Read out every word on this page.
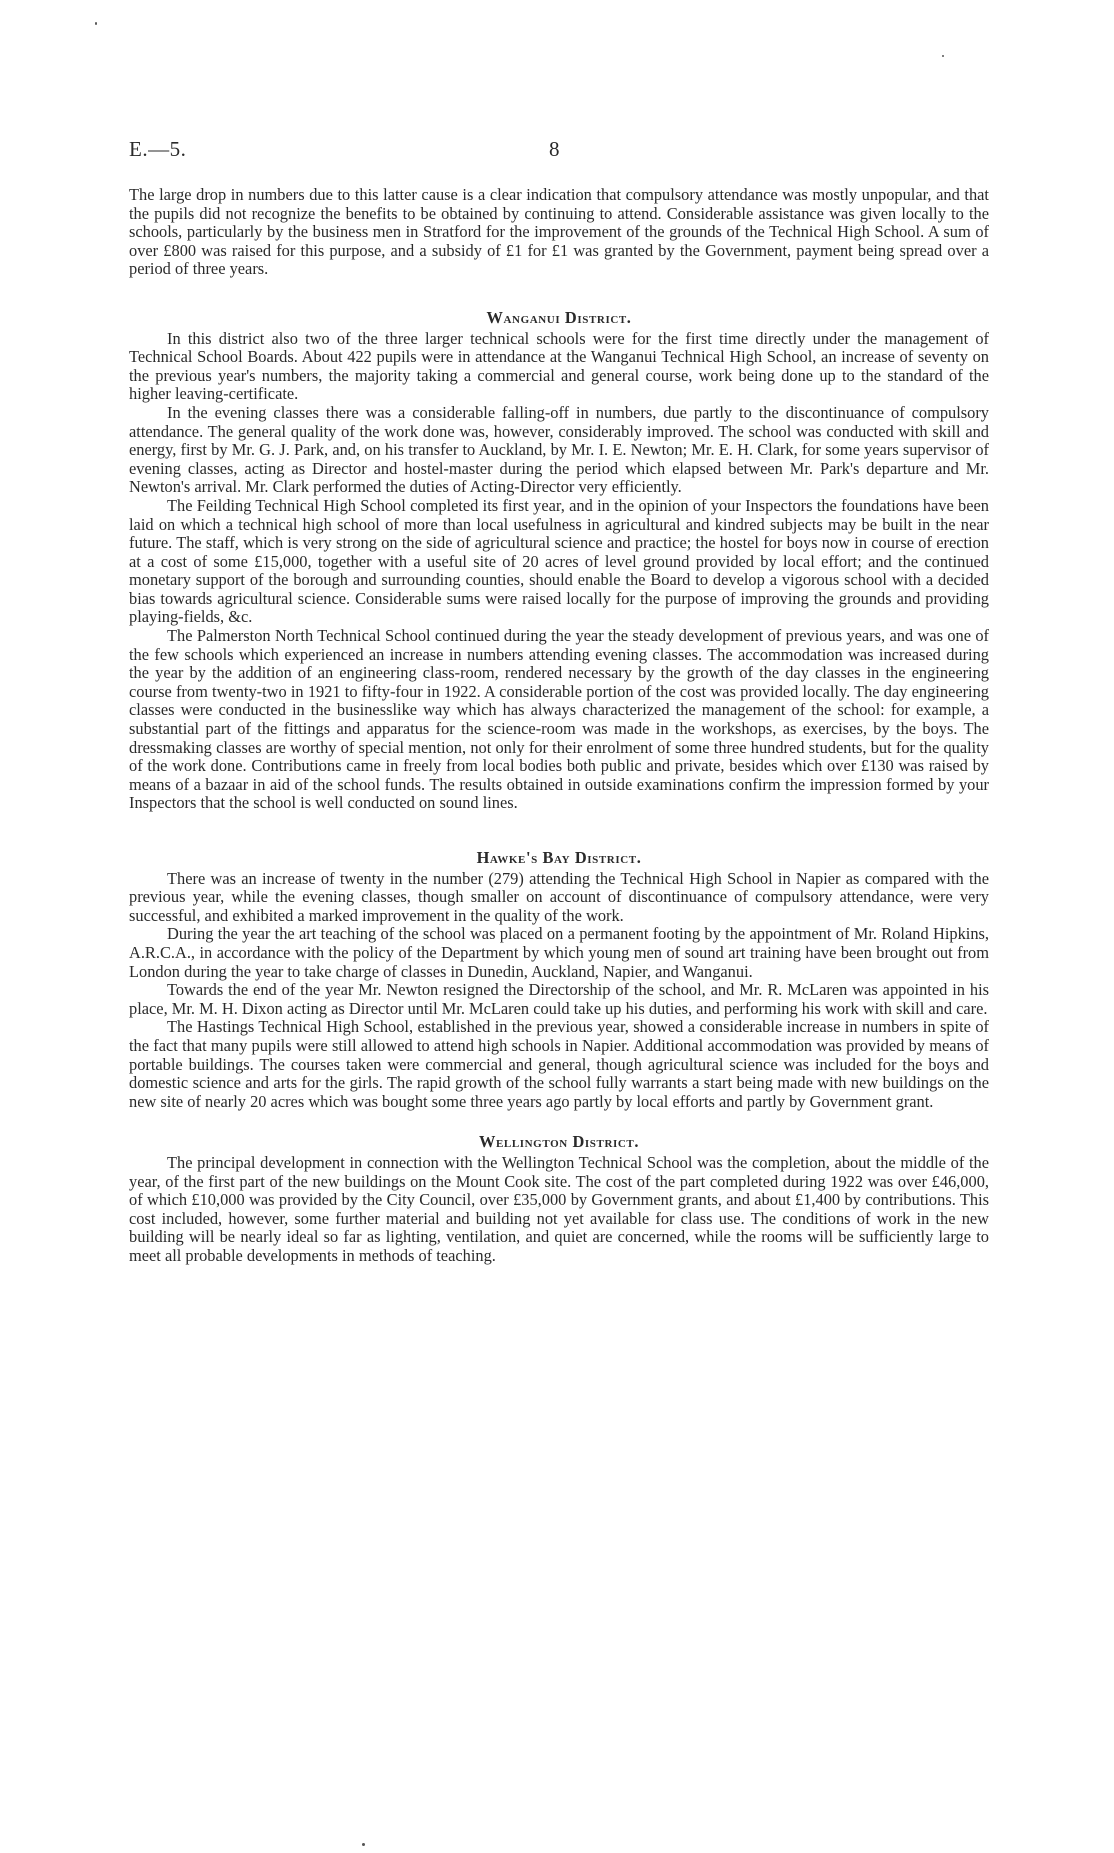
E.—5.	8

The large drop in numbers due to this latter cause is a clear indication that compulsory attendance was mostly unpopular, and that the pupils did not recognize the benefits to be obtained by continuing to attend. Considerable assistance was given locally to the schools, particularly by the business men in Stratford for the improvement of the grounds of the Technical High School. A sum of over £800 was raised for this purpose, and a subsidy of £1 for £1 was granted by the Government, payment being spread over a period of three years.

Wanganui District.

In this district also two of the three larger technical schools were for the first time directly under the management of Technical School Boards. About 422 pupils were in attendance at the Wanganui Technical High School, an increase of seventy on the previous year's numbers, the majority taking a commercial and general course, work being done up to the standard of the higher leaving-certificate.

In the evening classes there was a considerable falling-off in numbers, due partly to the discontinuance of compulsory attendance. The general quality of the work done was, however, considerably improved. The school was conducted with skill and energy, first by Mr. G. J. Park, and, on his transfer to Auckland, by Mr. I. E. Newton; Mr. E. H. Clark, for some years supervisor of evening classes, acting as Director and hostel-master during the period which elapsed between Mr. Park's departure and Mr. Newton's arrival. Mr. Clark performed the duties of Acting-Director very efficiently.

The Feilding Technical High School completed its first year, and in the opinion of your Inspectors the foundations have been laid on which a technical high school of more than local usefulness in agricultural and kindred subjects may be built in the near future. The staff, which is very strong on the side of agricultural science and practice; the hostel for boys now in course of erection at a cost of some £15,000, together with a useful site of 20 acres of level ground provided by local effort; and the continued monetary support of the borough and surrounding counties, should enable the Board to develop a vigorous school with a decided bias towards agricultural science. Considerable sums were raised locally for the purpose of improving the grounds and providing playing-fields, &c.

The Palmerston North Technical School continued during the year the steady development of previous years, and was one of the few schools which experienced an increase in numbers attending evening classes. The accommodation was increased during the year by the addition of an engineering class-room, rendered necessary by the growth of the day classes in the engineering course from twenty-two in 1921 to fifty-four in 1922. A considerable portion of the cost was provided locally. The day engineering classes were conducted in the businesslike way which has always characterized the management of the school: for example, a substantial part of the fittings and apparatus for the science-room was made in the workshops, as exercises, by the boys. The dressmaking classes are worthy of special mention, not only for their enrolment of some three hundred students, but for the quality of the work done. Contributions came in freely from local bodies both public and private, besides which over £130 was raised by means of a bazaar in aid of the school funds. The results obtained in outside examinations confirm the impression formed by your Inspectors that the school is well conducted on sound lines.

Hawke's Bay District.

There was an increase of twenty in the number (279) attending the Technical High School in Napier as compared with the previous year, while the evening classes, though smaller on account of discontinuance of compulsory attendance, were very successful, and exhibited a marked improvement in the quality of the work.

During the year the art teaching of the school was placed on a permanent footing by the appointment of Mr. Roland Hipkins, A.R.C.A., in accordance with the policy of the Department by which young men of sound art training have been brought out from London during the year to take charge of classes in Dunedin, Auckland, Napier, and Wanganui.

Towards the end of the year Mr. Newton resigned the Directorship of the school, and Mr. R. McLaren was appointed in his place, Mr. M. H. Dixon acting as Director until Mr. McLaren could take up his duties, and performing his work with skill and care.

The Hastings Technical High School, established in the previous year, showed a considerable increase in numbers in spite of the fact that many pupils were still allowed to attend high schools in Napier. Additional accommodation was provided by means of portable buildings. The courses taken were commercial and general, though agricultural science was included for the boys and domestic science and arts for the girls. The rapid growth of the school fully warrants a start being made with new buildings on the new site of nearly 20 acres which was bought some three years ago partly by local efforts and partly by Government grant.

Wellington District.

The principal development in connection with the Wellington Technical School was the completion, about the middle of the year, of the first part of the new buildings on the Mount Cook site. The cost of the part completed during 1922 was over £46,000, of which £10,000 was provided by the City Council, over £35,000 by Government grants, and about £1,400 by contributions. This cost included, however, some further material and building not yet available for class use. The conditions of work in the new building will be nearly ideal so far as lighting, ventilation, and quiet are concerned, while the rooms will be sufficiently large to meet all probable developments in methods of teaching.
